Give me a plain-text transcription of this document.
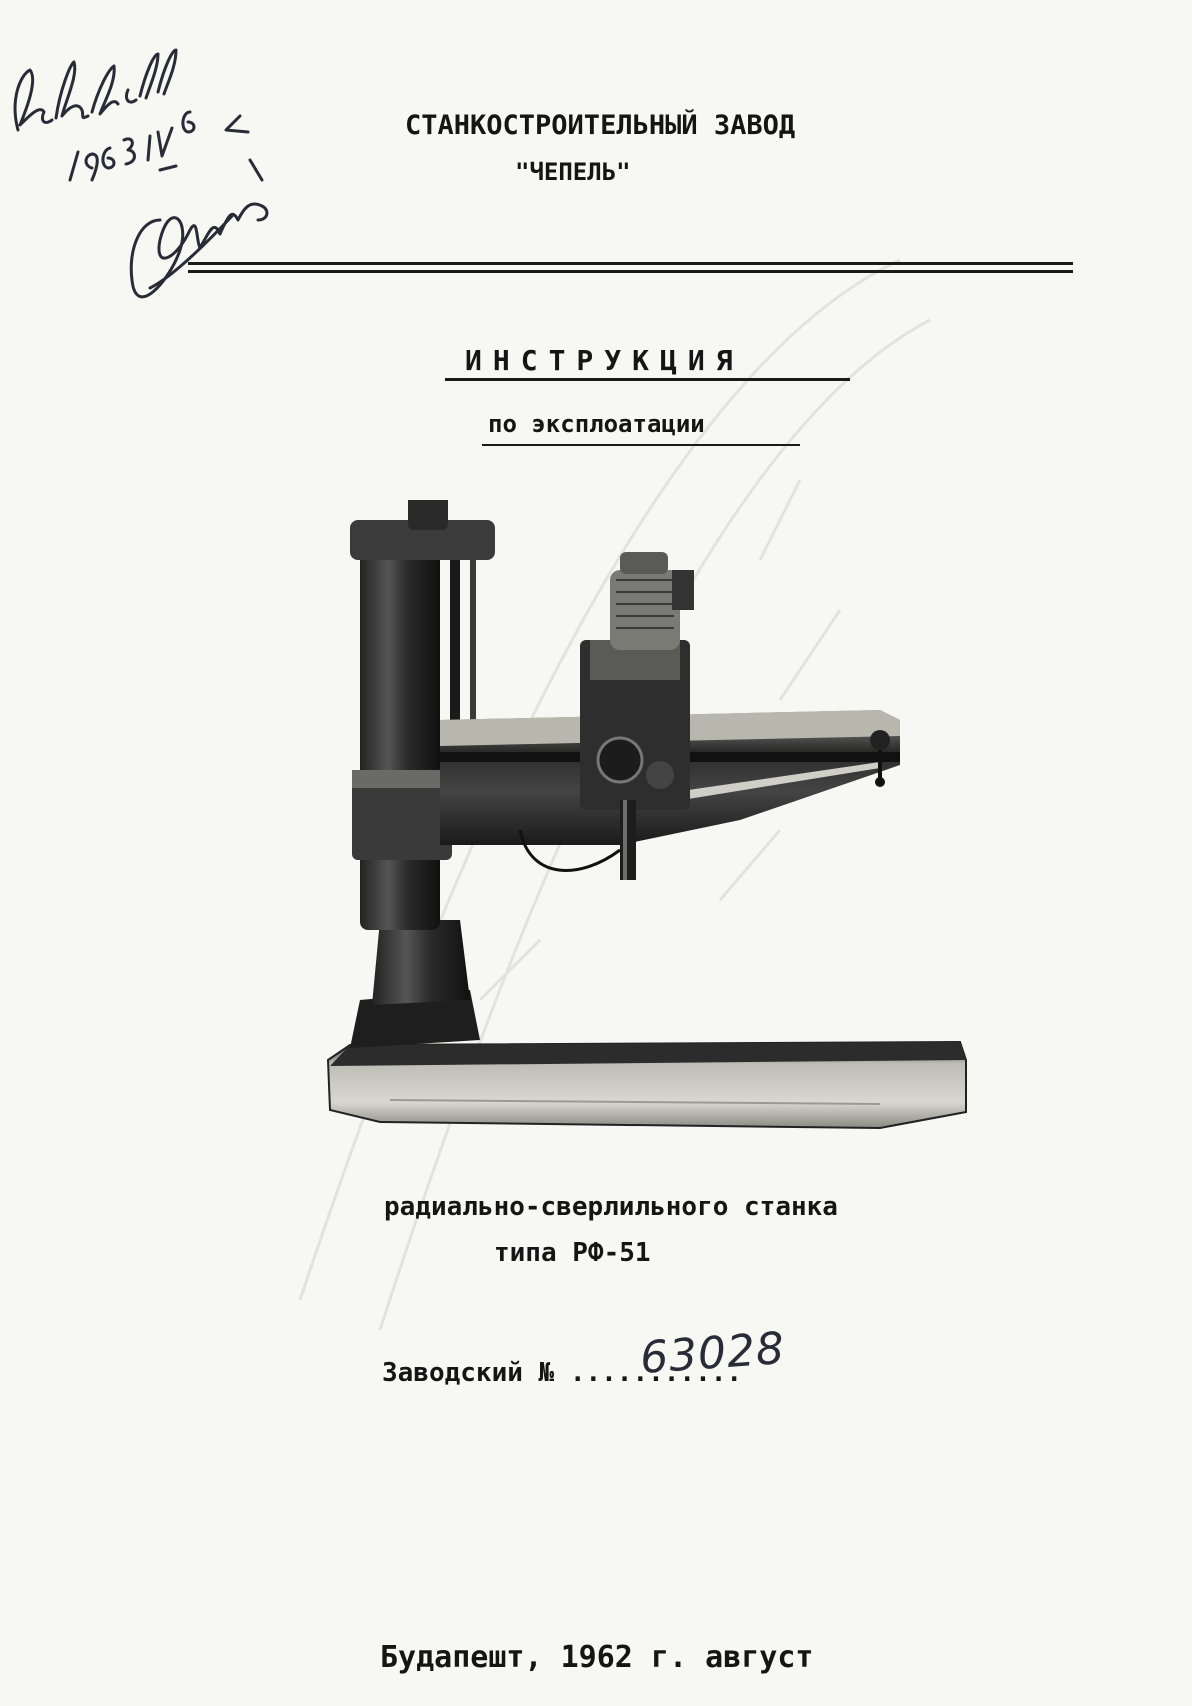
СТАНКОСТРОИТЕЛЬНЫЙ ЗАВОД
"ЧЕПЕЛЬ"
ИНСТРУКЦИЯ
по эксплоатации
радиально-сверлильного станка
типа РФ-51
Заводский № ...........
63028
Будапешт, 1962 г. август
